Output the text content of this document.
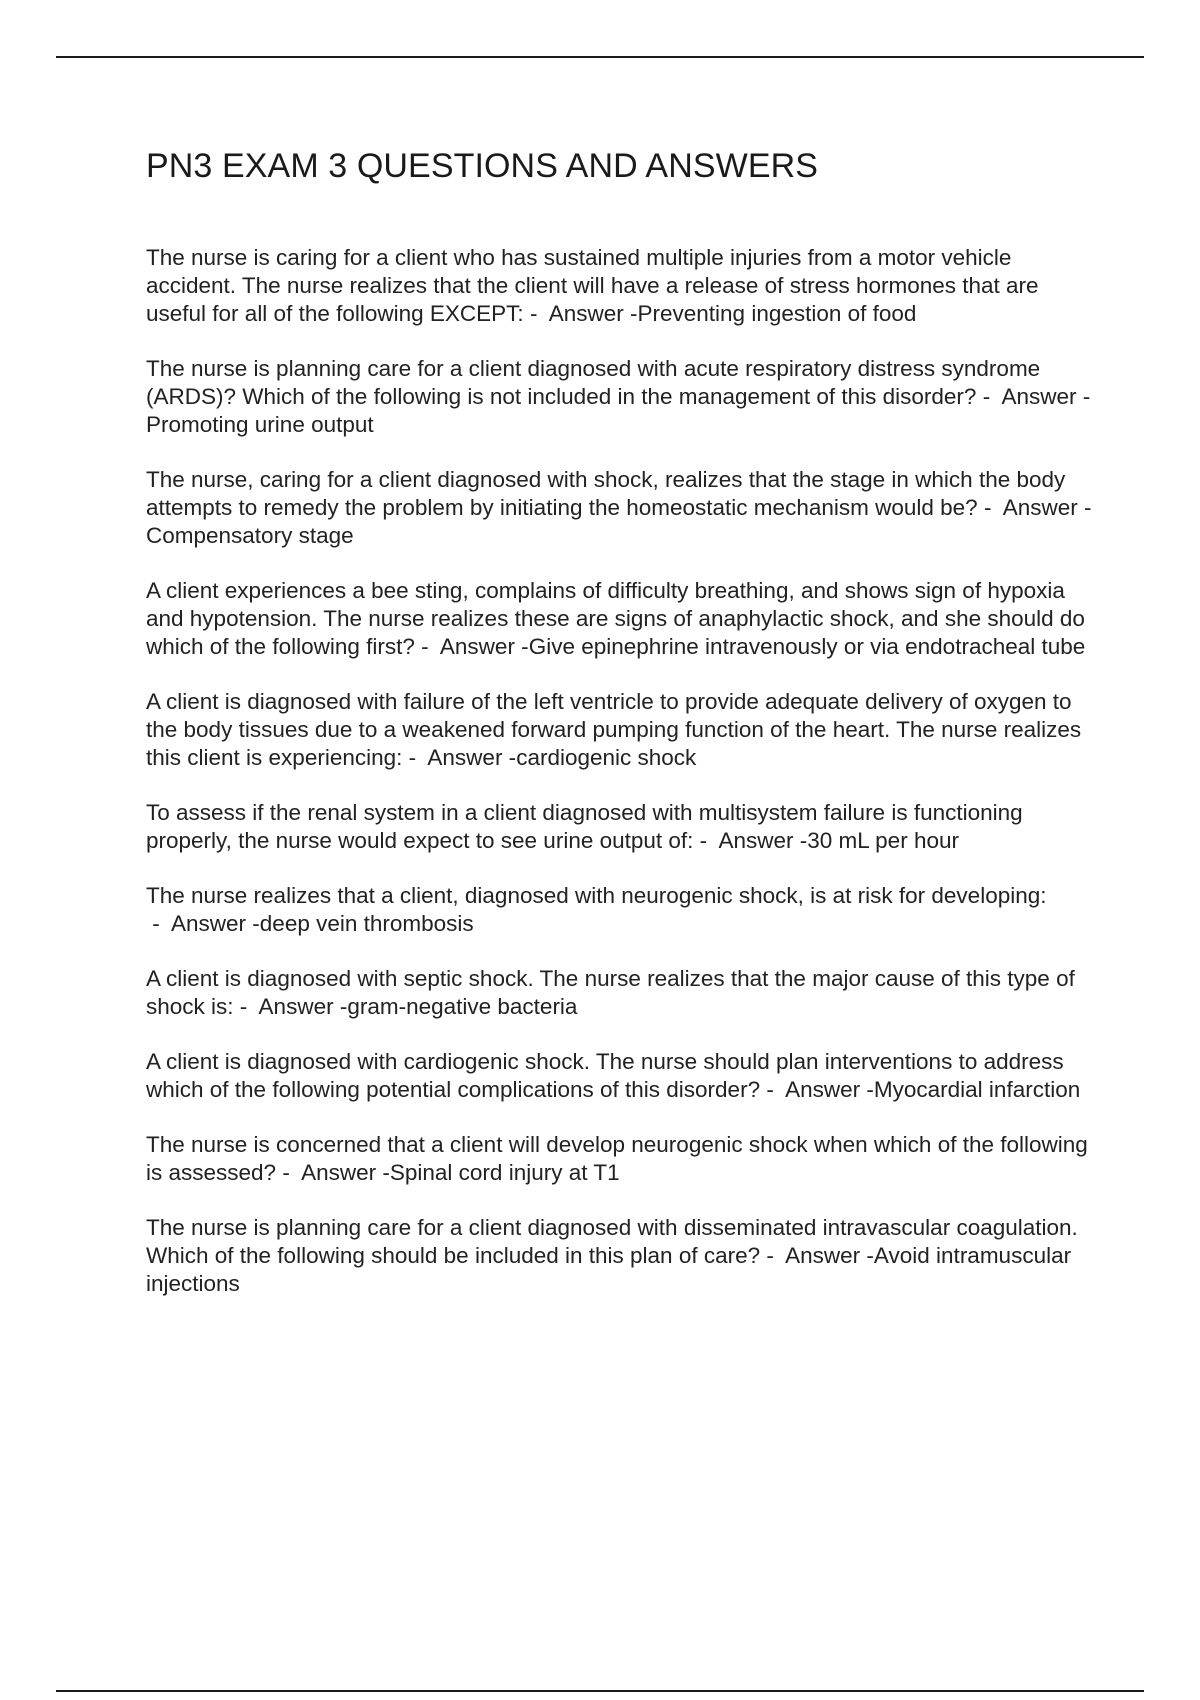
PN3 EXAM 3 QUESTIONS AND ANSWERS

The nurse is caring for a client who has sustained multiple injuries from a motor vehicle accident. The nurse realizes that the client will have a release of stress hormones that are useful for all of the following EXCEPT: -  Answer -Preventing ingestion of food

The nurse is planning care for a client diagnosed with acute respiratory distress syndrome (ARDS)? Which of the following is not included in the management of this disorder? -  Answer -Promoting urine output

The nurse, caring for a client diagnosed with shock, realizes that the stage in which the body attempts to remedy the problem by initiating the homeostatic mechanism would be? -  Answer -Compensatory stage

A client experiences a bee sting, complains of difficulty breathing, and shows sign of hypoxia and hypotension. The nurse realizes these are signs of anaphylactic shock, and she should do which of the following first? -  Answer -Give epinephrine intravenously or via endotracheal tube

A client is diagnosed with failure of the left ventricle to provide adequate delivery of oxygen to the body tissues due to a weakened forward pumping function of the heart. The nurse realizes this client is experiencing: -  Answer -cardiogenic shock

To assess if the renal system in a client diagnosed with multisystem failure is functioning properly, the nurse would expect to see urine output of: -  Answer -30 mL per hour

The nurse realizes that a client, diagnosed with neurogenic shock, is at risk for developing: -  Answer -deep vein thrombosis

A client is diagnosed with septic shock. The nurse realizes that the major cause of this type of shock is: -  Answer -gram-negative bacteria

A client is diagnosed with cardiogenic shock. The nurse should plan interventions to address which of the following potential complications of this disorder? -  Answer -Myocardial infarction

The nurse is concerned that a client will develop neurogenic shock when which of the following is assessed? -  Answer -Spinal cord injury at T1

The nurse is planning care for a client diagnosed with disseminated intravascular coagulation. Which of the following should be included in this plan of care? -  Answer -Avoid intramuscular injections
